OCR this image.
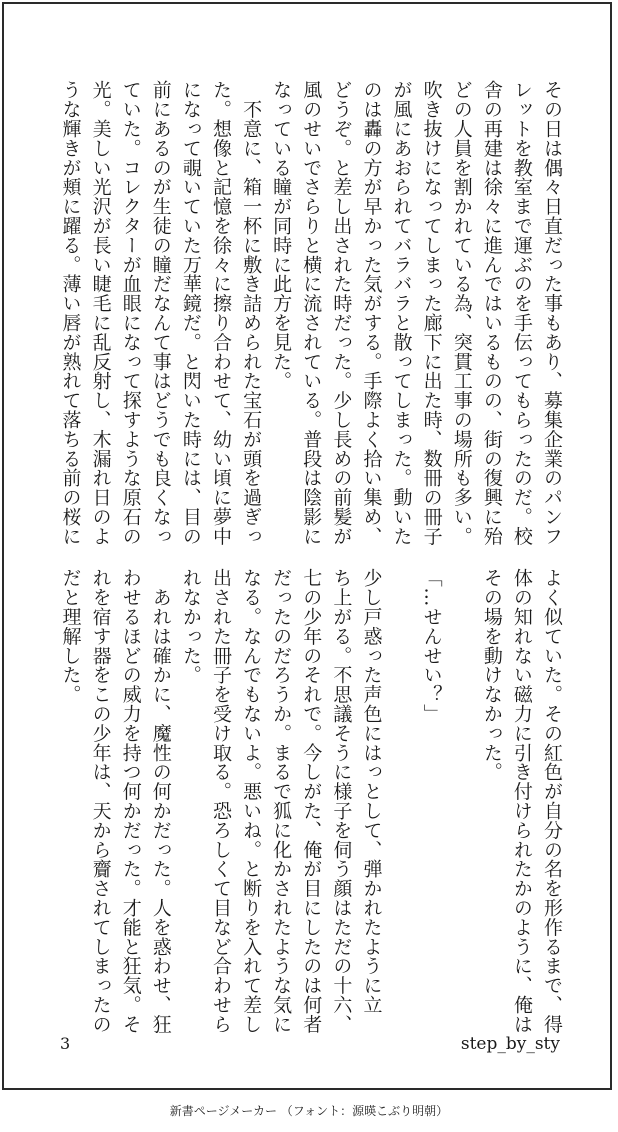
その日は偶々日直だった事もあり、募集企業のパンフ
レットを教室まで運ぶのを手伝ってもらったのだ。校
舎の再建は徐々に進んではいるものの、街の復興に殆
どの人員を割かれている為、突貫工事の場所も多い。
吹き抜けになってしまった廊下に出た時、数冊の冊子
が風にあおられてバラバラと散ってしまった。動いた
のは轟の方が早かった気がする。手際よく拾い集め、
どうぞ。と差し出された時だった。少し長めの前髪が
風のせいでさらりと横に流されている。普段は陰影に
なっている瞳が同時に此方を見た。
　不意に、箱一杯に敷き詰められた宝石が頭を過ぎっ
た。想像と記憶を徐々に擦り合わせて、幼い頃に夢中
になって覗いていた万華鏡だ。と閃いた時には、目の
前にあるのが生徒の瞳だなんて事はどうでも良くなっ
ていた。コレクターが血眼になって探すような原石の
光。美しい光沢が長い睫毛に乱反射し、木漏れ日のよ
うな輝きが頬に躍る。薄い唇が熟れて落ちる前の桜に
よく似ていた。その紅色が自分の名を形作るまで、得
体の知れない磁力に引き付けられたかのように、俺は
その場を動けなかった。
「…せんせい？」
少し戸惑った声色にはっとして、弾かれたように立
ち上がる。不思議そうに様子を伺う顔はただの十六、
七の少年のそれで。今しがた、俺が目にしたのは何者
だったのだろうか。まるで狐に化かされたような気に
なる。なんでもないよ。悪いね。と断りを入れて差し
出された冊子を受け取る。恐ろしくて目など合わせら
れなかった。
　あれは確かに、魔性の何かだった。人を惑わせ、狂
わせるほどの威力を持つ何かだった。才能と狂気。そ
れを宿す器をこの少年は、天から齎されてしまったの
だと理解した。
3	step_by_sty
新書ページメーカー （フォント：源暎こぶり明朝）
